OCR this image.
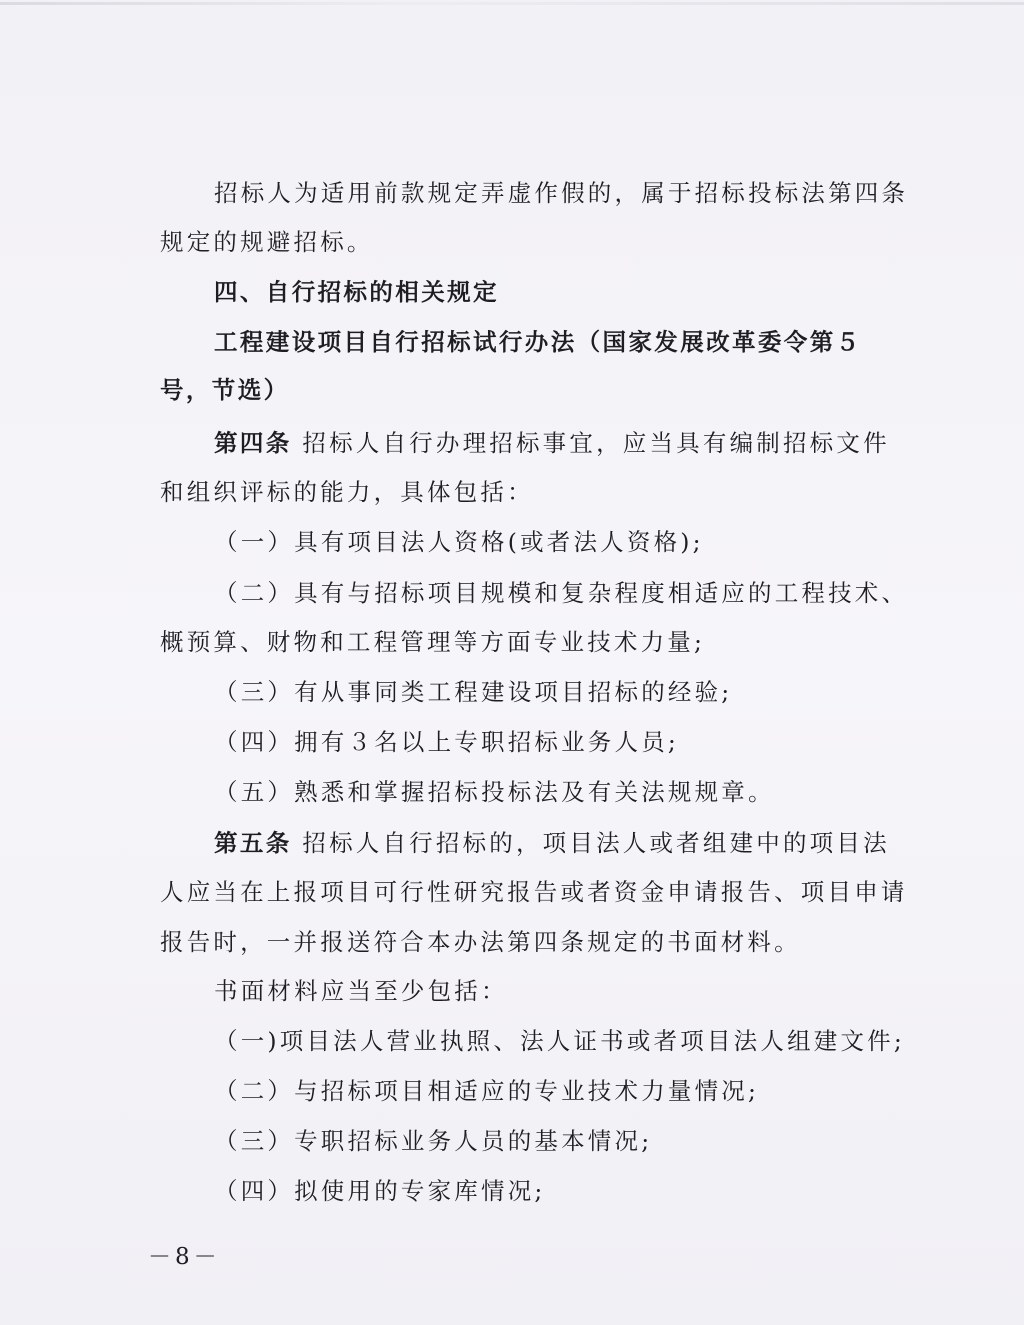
招标人为适用前款规定弄虚作假的，属于招标投标法第四条
规定的规避招标。
四、自行招标的相关规定
工程建设项目自行招标试行办法（国家发展改革委令第５
号，节选）
第四条 招标人自行办理招标事宜，应当具有编制招标文件
和组织评标的能力，具体包括：
（一）具有项目法人资格(或者法人资格);
（二）具有与招标项目规模和复杂程度相适应的工程技术、
概预算、财物和工程管理等方面专业技术力量;
（三）有从事同类工程建设项目招标的经验;
（四）拥有３名以上专职招标业务人员;
（五）熟悉和掌握招标投标法及有关法规规章。
第五条 招标人自行招标的，项目法人或者组建中的项目法
人应当在上报项目可行性研究报告或者资金申请报告、项目申请
报告时，一并报送符合本办法第四条规定的书面材料。
书面材料应当至少包括：
（一)项目法人营业执照、法人证书或者项目法人组建文件;
（二）与招标项目相适应的专业技术力量情况;
（三）专职招标业务人员的基本情况;
（四）拟使用的专家库情况;
－8－
